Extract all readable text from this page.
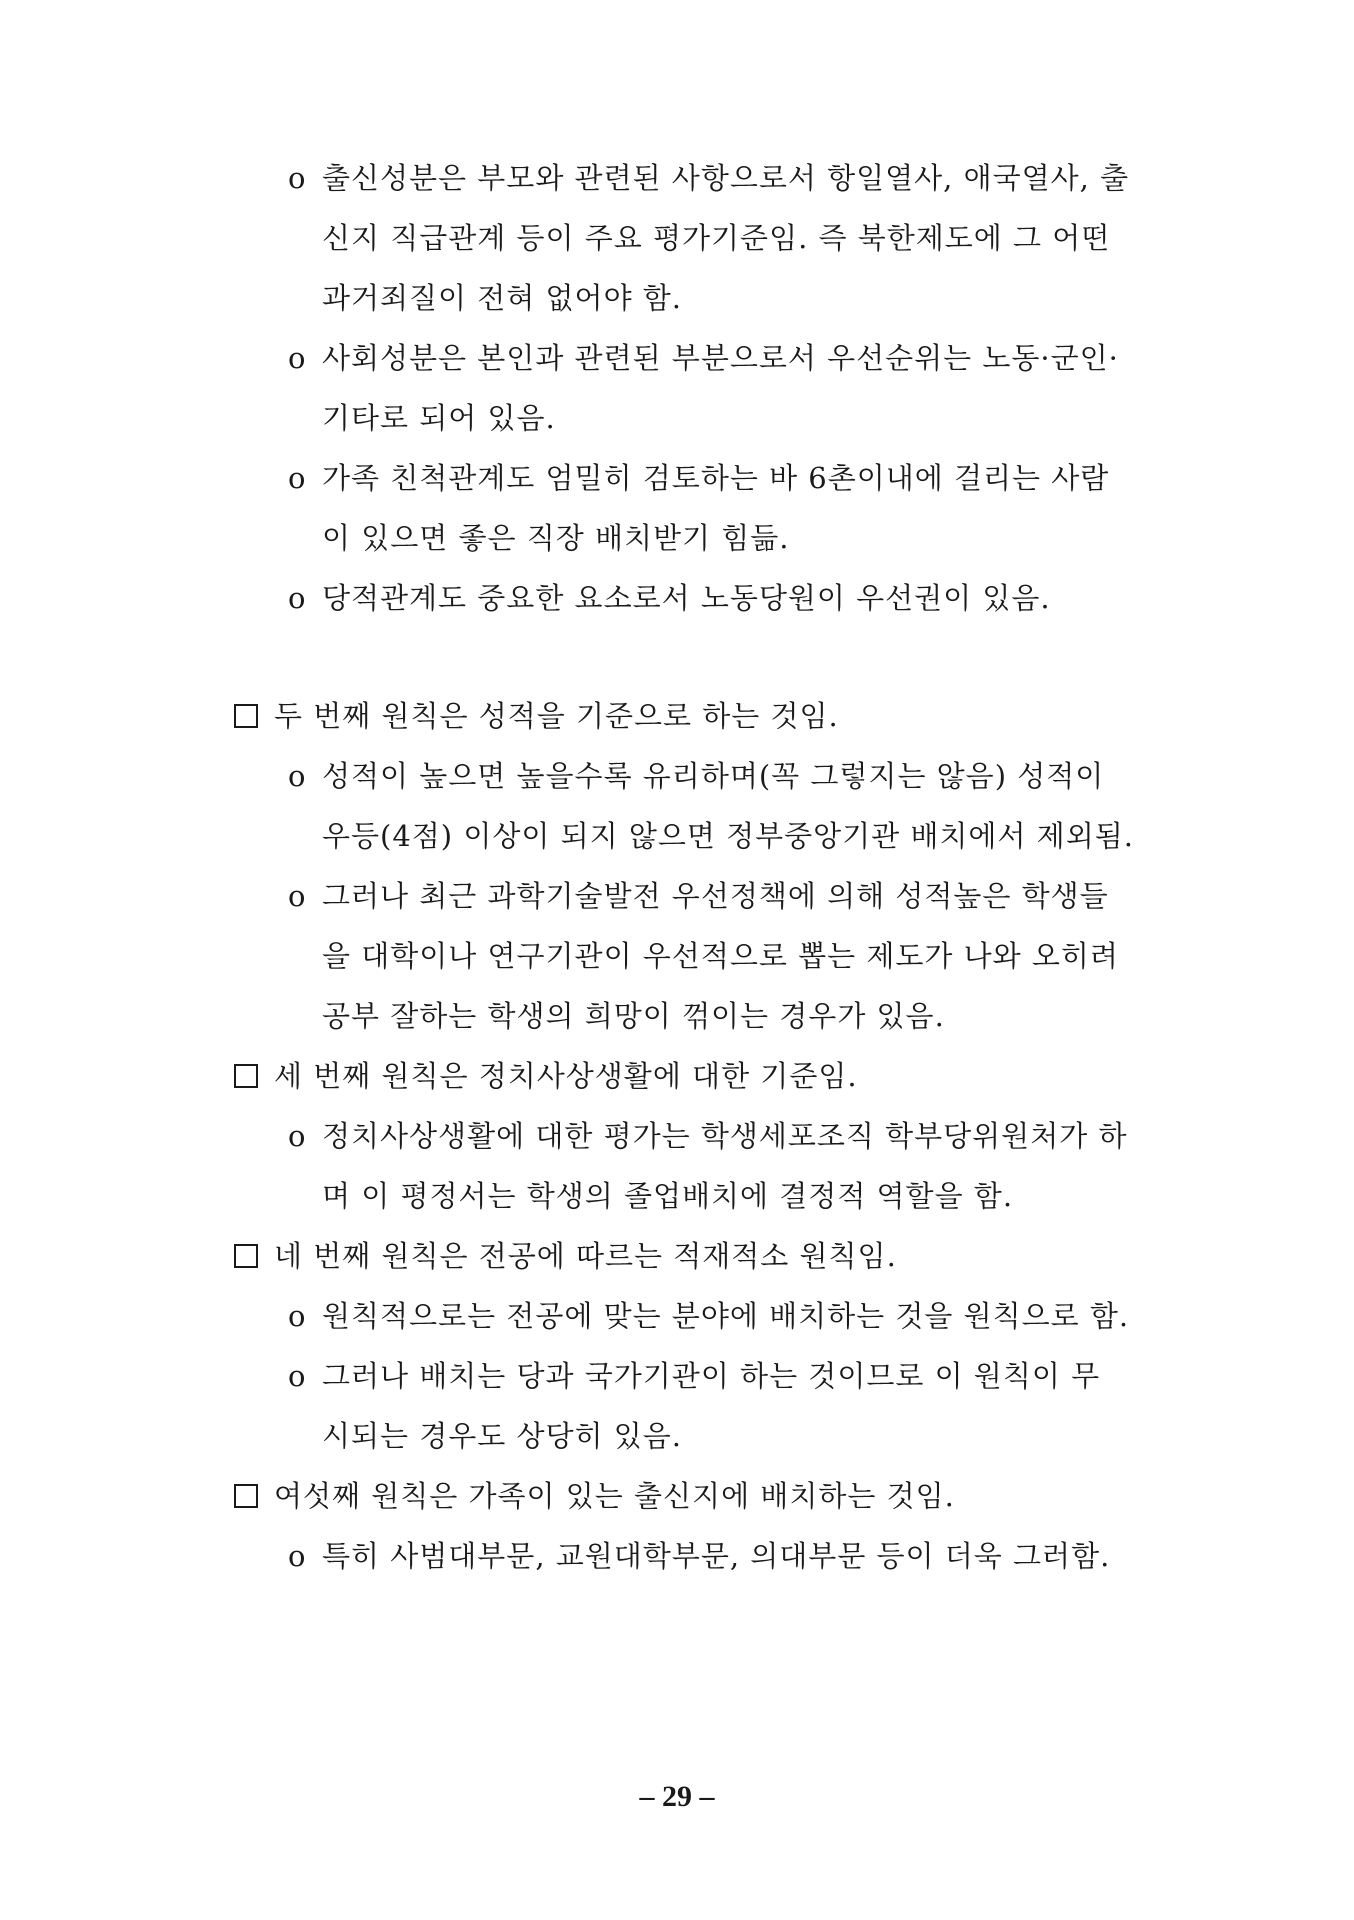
o 출신성분은 부모와 관련된 사항으로서 항일열사, 애국열사, 출
신지 직급관계 등이 주요 평가기준임. 즉 북한제도에 그 어떤
과거죄질이 전혀 없어야 함.
o 사회성분은 본인과 관련된 부분으로서 우선순위는 노동·군인·
기타로 되어 있음.
o 가족 친척관계도 엄밀히 검토하는 바 6촌이내에 걸리는 사람
이 있으면 좋은 직장 배치받기 힘듦.
o 당적관계도 중요한 요소로서 노동당원이 우선권이 있음.
두 번째 원칙은 성적을 기준으로 하는 것임.
o 성적이 높으면 높을수록 유리하며(꼭 그렇지는 않음) 성적이
우등(4점) 이상이 되지 않으면 정부중앙기관 배치에서 제외됨.
o 그러나 최근 과학기술발전 우선정책에 의해 성적높은 학생들
을 대학이나 연구기관이 우선적으로 뽑는 제도가 나와 오히려
공부 잘하는 학생의 희망이 꺾이는 경우가 있음.
세 번째 원칙은 정치사상생활에 대한 기준임.
o 정치사상생활에 대한 평가는 학생세포조직 학부당위원처가 하
며 이 평정서는 학생의 졸업배치에 결정적 역할을 함.
네 번째 원칙은 전공에 따르는 적재적소 원칙임.
o 원칙적으로는 전공에 맞는 분야에 배치하는 것을 원칙으로 함.
o 그러나 배치는 당과 국가기관이 하는 것이므로 이 원칙이 무
시되는 경우도 상당히 있음.
여섯째 원칙은 가족이 있는 출신지에 배치하는 것임.
o 특히 사범대부문, 교원대학부문, 의대부문 등이 더욱 그러함.
– 29 –
